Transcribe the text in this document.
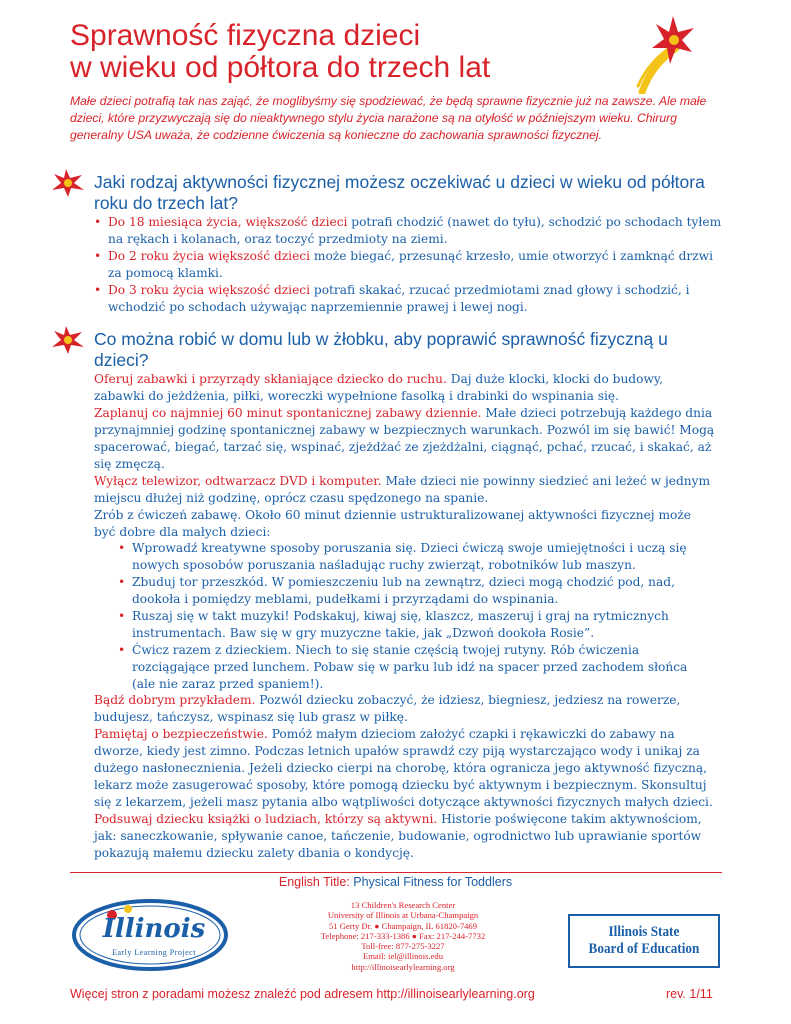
Sprawność fizyczna dzieci
w wieku od półtora do trzech lat

Małe dzieci potrafią tak nas zająć, że moglibyśmy się spodziewać, że będą sprawne fizycznie już na zawsze. Ale małe dzieci, które przyzwyczają się do nieaktywnego stylu życia narażone są na otyłość w późniejszym wieku. Chirurg generalny USA uważa, że codzienne ćwiczenia są konieczne do zachowania sprawności fizycznej.

Jaki rodzaj aktywności fizycznej możesz oczekiwać u dzieci w wieku od półtora roku do trzech lat?
• Do 18 miesiąca życia, większość dzieci potrafi chodzić (nawet do tyłu), schodzić po schodach tyłem na rękach i kolanach, oraz toczyć przedmioty na ziemi.
• Do 2 roku życia większość dzieci może biegać, przesunąć krzesło, umie otworzyć i zamknąć drzwi za pomocą klamki.
• Do 3 roku życia większość dzieci potrafi skakać, rzucać przedmiotami znad głowy i schodzić, i wchodzić po schodach używając naprzemiennie prawej i lewej nogi.
Co można robić w domu lub w żłobku, aby poprawić sprawność fizyczną u dzieci?

Oferuj zabawki i przyrządy skłaniające dziecko do ruchu. Daj duże klocki, klocki do budowy, zabawki do jeżdżenia, piłki, woreczki wypełnione fasolką i drabinki do wspinania się.

Zaplanuj co najmniej 60 minut spontanicznej zabawy dziennie. Małe dzieci potrzebują każdego dnia przynajmniej godzinę spontanicznej zabawy w bezpiecznych warunkach. Pozwól im się bawić! Mogą spacerować, biegać, tarzać się, wspinać, zjeżdżać ze zjeżdżalni, ciągnąć, pchać, rzucać, i skakać, aż się zmęczą.

Wyłącz telewizor, odtwarzacz DVD i komputer. Małe dzieci nie powinny siedzieć ani leżeć w jednym miejscu dłużej niż godzinę, oprócz czasu spędzonego na spanie.

Zrób z ćwiczeń zabawę. Około 60 minut dziennie ustrukturalizowanej aktywności fizycznej może być dobre dla małych dzieci:

• Wprowadź kreatywne sposoby poruszania się. Dzieci ćwiczą swoje umiejętności i uczą się nowych sposobów poruszania naśladując ruchy zwierząt, robotników lub maszyn.
• Zbuduj tor przeszkód. W pomieszczeniu lub na zewnątrz, dzieci mogą chodzić pod, nad, dookoła i pomiędzy meblami, pudełkami i przyrządami do wspinania.
• Ruszaj się w takt muzyki! Podskakuj, kiwaj się, klaszcz, maszeruj i graj na rytmicznych instrumentach. Baw się w gry muzyczne takie, jak „Dzwoń dookoła Rosie”.
• Ćwicz razem z dzieckiem. Niech to się stanie częścią twojej rutyny. Rób ćwiczenia rozciągające przed lunchem. Pobaw się w parku lub idź na spacer przed zachodem słońca (ale nie zaraz przed spaniem!).

Bądź dobrym przykładem. Pozwól dziecku zobaczyć, że idziesz, biegniesz, jedziesz na rowerze, budujesz, tańczysz, wspinasz się lub grasz w piłkę.

Pamiętaj o bezpieczeństwie. Pomóż małym dzieciom założyć czapki i rękawiczki do zabawy na dworze, kiedy jest zimno. Podczas letnich upałów sprawdź czy piją wystarczająco wody i unikaj za dużego nasłonecznienia. Jeżeli dziecko cierpi na chorobę, która ogranicza jego aktywność fizyczną, lekarz może zasugerować sposoby, które pomogą dziecku być aktywnym i bezpiecznym. Skonsultuj się z lekarzem, jeżeli masz pytania albo wątpliwości dotyczące aktywności fizycznych małych dzieci.

Podsuwaj dziecku książki o ludziach, którzy są aktywni. Historie poświęcone takim aktywnościom, jak: saneczkowanie, spływanie canoe, tańczenie, budowanie, ogrodnictwo lub uprawianie sportów pokazują małemu dziecku zalety dbania o kondycję.

English Title: Physical Fitness for Toddlers
Illinois
Early Learning Project
13 Children's Research Center
University of Illinois at Urbana-Champaign
51 Gerty Dr. ● Champaign, IL 61820-7469
Telephone: 217-333-1386 ● Fax: 217-244-7732
Toll-free: 877-275-3227
Email: iel@illinois.edu
http://illinoisearlylearning.org
Illinois State
Board of Education
Więcej stron z poradami możesz znaleźć pod adresem http://illinoisearlylearning.org	rev. 1/11
